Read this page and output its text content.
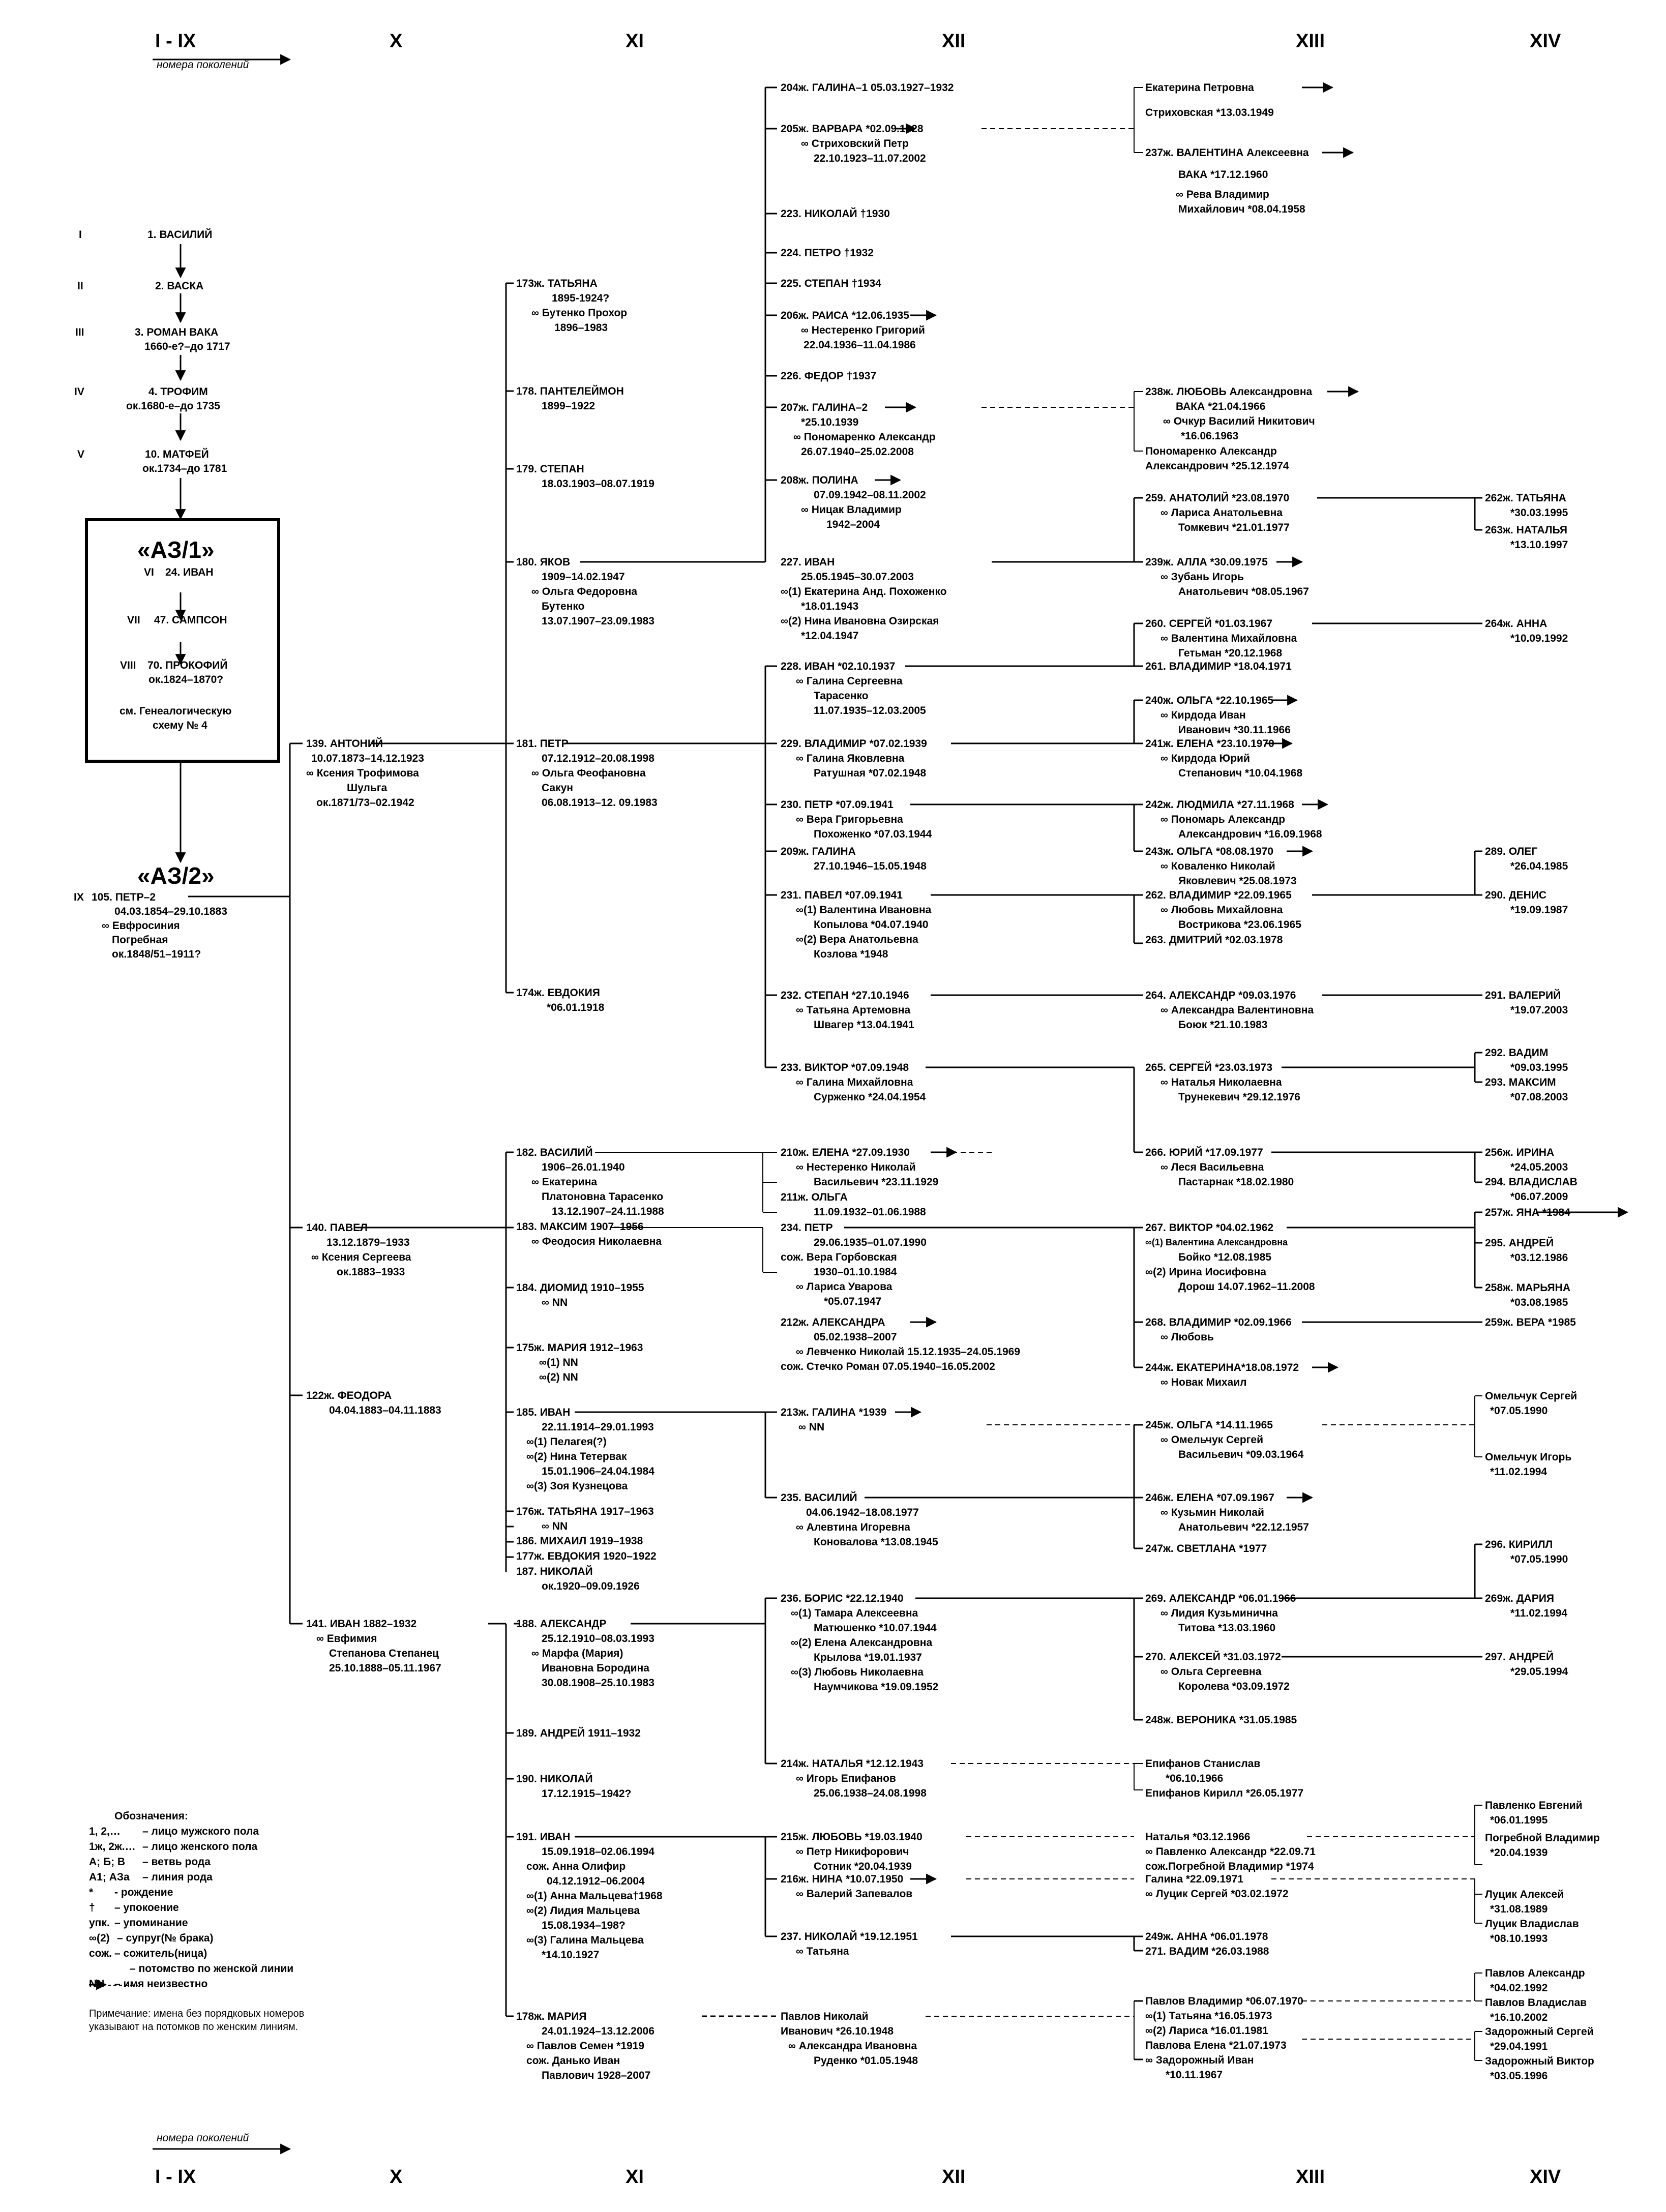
I - IX	X	XI	XII	XIII	XIV
номера поколений
номера поколений
I - IX	X	XI	XII	XIII	XIV
I	1. ВАСИЛИЙ
II	2. ВАСКА
III	3. РОМАН ВАКА
1660-е?–до 1717
IV	4. ТРОФИМ
ок.1680-е–до 1735
V	10. МАТФЕЙ
ок.1734–до 1781
«АЗ/1»
VI 24. ИВАН
VII 47. САМПСОН
VIII 70. ПРОКОФИЙ
ок.1824–1870?
см. Генеалогическую
схему № 4
«АЗ/2»
IX 105. ПЕТР–2
04.03.1854–29.10.1883
∞ Евфросиния
Погребная
ок.1848/51–1911?
139. АНТОНИЙ
10.07.1873–14.12.1923
∞ Ксения Трофимова
Шульга
ок.1871/73–02.1942
140. ПАВЕЛ
13.12.1879–1933
∞ Ксения Сергеева
ок.1883–1933
122ж. ФЕОДОРА
04.04.1883–04.11.1883
141. ИВАН 1882–1932
∞ Евфимия
Степанова Степанец
25.10.1888–05.11.1967
173ж. ТАТЬЯНА
1895-1924?
∞ Бутенко Прохор
1896–1983
178. ПАНТЕЛЕЙМОН
1899–1922
179. СТЕПАН
18.03.1903–08.07.1919
180. ЯКОВ
1909–14.02.1947
∞ Ольга Федоровна
Бутенко
13.07.1907–23.09.1983
181. ПЕТР
07.12.1912–20.08.1998
∞ Ольга Феофановна
Сакун
06.08.1913–12. 09.1983
174ж. ЕВДОКИЯ
*06.01.1918
182. ВАСИЛИЙ
1906–26.01.1940
∞ Екатерина
Платоновна Тарасенко
13.12.1907–24.11.1988
183. МАКСИМ 1907–1956
∞ Феодосия Николаевна
184. ДИОМИД 1910–1955
∞ NN
175ж. МАРИЯ 1912–1963
∞(1) NN
∞(2) NN
185. ИВАН
22.11.1914–29.01.1993
∞(1) Пелагея(?)
∞(2) Нина Тетервак
15.01.1906–24.04.1984
∞(3) Зоя Кузнецова
176ж. ТАТЬЯНА 1917–1963
∞ NN
186. МИХАИЛ 1919–1938
177ж. ЕВДОКИЯ 1920–1922
187. НИКОЛАЙ
ок.1920–09.09.1926
188. АЛЕКСАНДР
25.12.1910–08.03.1993
∞ Марфа (Мария)
Ивановна Бородина
30.08.1908–25.10.1983
189. АНДРЕЙ 1911–1932
190. НИКОЛАЙ
17.12.1915–1942?
191. ИВАН
15.09.1918–02.06.1994
сож. Анна Олифир
04.12.1912–06.2004
∞(1) Анна Мальцева†1968
∞(2) Лидия Мальцева
15.08.1934–198?
∞(3) Галина Мальцева
*14.10.1927
178ж. МАРИЯ
24.01.1924–13.12.2006
∞ Павлов Семен *1919
сож. Данько Иван
Павлович 1928–2007
204ж. ГАЛИНА–1 05.03.1927–1932
205ж. ВАРВАРА *02.09.1928
∞ Стриховский Петр
22.10.1923–11.07.2002
223. НИКОЛАЙ †1930
224. ПЕТРО †1932
225. СТЕПАН †1934
206ж. РАИСА *12.06.1935
∞ Нестеренко Григорий
22.04.1936–11.04.1986
226. ФЕДОР †1937
207ж. ГАЛИНА–2
*25.10.1939
∞ Пономаренко Александр
26.07.1940–25.02.2008
208ж. ПОЛИНА
07.09.1942–08.11.2002
∞ Ницак Владимир
1942–2004
227. ИВАН
25.05.1945–30.07.2003
∞(1) Екатерина Анд. Похоженко
*18.01.1943
∞(2) Нина Ивановна Озирская
*12.04.1947
228. ИВАН *02.10.1937
∞ Галина Сергеевна
Тарасенко
11.07.1935–12.03.2005
229. ВЛАДИМИР *07.02.1939
∞ Галина Яковлевна
Ратушная *07.02.1948
230. ПЕТР *07.09.1941
∞ Вера Григорьевна
Похоженко *07.03.1944
209ж. ГАЛИНА
27.10.1946–15.05.1948
231. ПАВЕЛ *07.09.1941
∞(1) Валентина Ивановна
Копылова *04.07.1940
∞(2) Вера Анатольевна
Козлова *1948
232. СТЕПАН *27.10.1946
∞ Татьяна Артемовна
Швагер *13.04.1941
233. ВИКТОР *07.09.1948
∞ Галина Михайловна
Сурженко *24.04.1954
210ж. ЕЛЕНА *27.09.1930
∞ Нестеренко Николай
Васильевич *23.11.1929
211ж. ОЛЬГА
11.09.1932–01.06.1988
234. ПЕТР
29.06.1935–01.07.1990
сож. Вера Горбовская
1930–01.10.1984
∞ Лариса Уварова
*05.07.1947
212ж. АЛЕКСАНДРА
05.02.1938–2007
∞ Левченко Николай 15.12.1935–24.05.1969
сож. Стечко Роман 07.05.1940–16.05.2002
213ж. ГАЛИНА *1939
∞ NN
235. ВАСИЛИЙ
04.06.1942–18.08.1977
∞ Алевтина Игоревна
Коновалова *13.08.1945
236. БОРИС *22.12.1940
∞(1) Тамара Алексеевна
Матюшенко *10.07.1944
∞(2) Елена Александровна
Крылова *19.01.1937
∞(3) Любовь Николаевна
Наумчикова *19.09.1952
214ж. НАТАЛЬЯ *12.12.1943
∞ Игорь Епифанов
25.06.1938–24.08.1998
215ж. ЛЮБОВЬ *19.03.1940
∞ Петр Никифорович
Сотник *20.04.1939
216ж. НИНА *10.07.1950
∞ Валерий Запевалов
237. НИКОЛАЙ *19.12.1951
∞ Татьяна
Павлов Николай
Иванович *26.10.1948
∞ Александра Ивановна
Руденко *01.05.1948
Екатерина Петровна
Стриховская *13.03.1949
237ж. ВАЛЕНТИНА Алексеевна
ВАКА *17.12.1960
∞ Рева Владимир
Михайлович *08.04.1958
238ж. ЛЮБОВЬ Александровна
ВАКА *21.04.1966
∞ Очкур Василий Никитович
*16.06.1963
Пономаренко Александр
Александрович *25.12.1974
259. АНАТОЛИЙ *23.08.1970
∞ Лариса Анатольевна
Томкевич *21.01.1977
239ж. АЛЛА *30.09.1975
∞ Зубань Игорь
Анатольевич *08.05.1967
260. СЕРГЕЙ *01.03.1967
∞ Валентина Михайловна
Гетьман *20.12.1968
261. ВЛАДИМИР *18.04.1971
240ж. ОЛЬГА *22.10.1965
∞ Кирдода Иван
Иванович *30.11.1966
241ж. ЕЛЕНА *23.10.1970
∞ Кирдода Юрий
Степанович *10.04.1968
242ж. ЛЮДМИЛА *27.11.1968
∞ Пономарь Александр
Александрович *16.09.1968
243ж. ОЛЬГА *08.08.1970
∞ Коваленко Николай
Яковлевич *25.08.1973
262. ВЛАДИМИР *22.09.1965
∞ Любовь Михайловна
Вострикова *23.06.1965
263. ДМИТРИЙ *02.03.1978
264. АЛЕКСАНДР *09.03.1976
∞ Александра Валентиновна
Боюк *21.10.1983
265. СЕРГЕЙ *23.03.1973
∞ Наталья Николаевна
Трунекевич *29.12.1976
266. ЮРИЙ *17.09.1977
∞ Леся Васильевна
Пастарнак *18.02.1980
267. ВИКТОР *04.02.1962
∞(1) Валентина Александровна
Бойко *12.08.1985
∞(2) Ирина Иосифовна
Дорош 14.07.1962–11.2008
268. ВЛАДИМИР *02.09.1966
∞ Любовь
244ж. ЕКАТЕРИНА*18.08.1972
∞ Новак Михаил
245ж. ОЛЬГА *14.11.1965
∞ Омельчук Сергей
Васильевич *09.03.1964
246ж. ЕЛЕНА *07.09.1967
∞ Кузьмин Николай
Анатольевич *22.12.1957
247ж. СВЕТЛАНА *1977
269. АЛЕКСАНДР *06.01.1966
∞ Лидия Кузьминична
Титова *13.03.1960
270. АЛЕКСЕЙ *31.03.1972
∞ Ольга Сергеевна
Королева *03.09.1972
248ж. ВЕРОНИКА *31.05.1985
Епифанов Станислав
*06.10.1966
Епифанов Кирилл *26.05.1977
Наталья *03.12.1966
∞ Павленко Александр *22.09.71
сож.Погребной Владимир *1974
Галина *22.09.1971
∞ Луцик Сергей *03.02.1972
249ж. АННА *06.01.1978
271. ВАДИМ *26.03.1988
Павлов Владимир *06.07.1970
∞(1) Татьяна *16.05.1973
∞(2) Лариса *16.01.1981
Павлова Елена *21.07.1973
∞ Задорожный Иван
*10.11.1967
262ж. ТАТЬЯНА
*30.03.1995
263ж. НАТАЛЬЯ
*13.10.1997
264ж. АННА
*10.09.1992
289. ОЛЕГ
*26.04.1985
290. ДЕНИС
*19.09.1987
291. ВАЛЕРИЙ
*19.07.2003
292. ВАДИМ
*09.03.1995
293. МАКСИМ
*07.08.2003
256ж. ИРИНА
*24.05.2003
294. ВЛАДИСЛАВ
*06.07.2009
257ж. ЯНА *1984
295. АНДРЕЙ
*03.12.1986
258ж. МАРЬЯНА
*03.08.1985
259ж. ВЕРА *1985
Омельчук Сергей
*07.05.1990
Омельчук Игорь
*11.02.1994
296. КИРИЛЛ
*07.05.1990
269ж. ДАРИЯ
*11.02.1994
297. АНДРЕЙ
*29.05.1994
Павленко Евгений
*06.01.1995
Погребной Владимир
*20.04.1939
Луцик Алексей
*31.08.1989
Луцик Владислав
*08.10.1993
Павлов Александр
*04.02.1992
Павлов Владислав
*16.10.2002
Задорожный Сергей
*29.04.1991
Задорожный Виктор
*03.05.1996
Обозначения:
1, 2,… – лицо мужского пола
1ж, 2ж.… – лицо женского пола
А; Б; В – ветвь рода
А1; АЗа – линия рода
* - рождение
† – упокоение
упк. – упоминание
∞(2) – супруг(№ брака)
сож. – сожитель(ница)
– потомство по женской линии
NN – имя неизвестно
Примечание: имена без порядковых номеров
указывают на потомков по женским линиям.
